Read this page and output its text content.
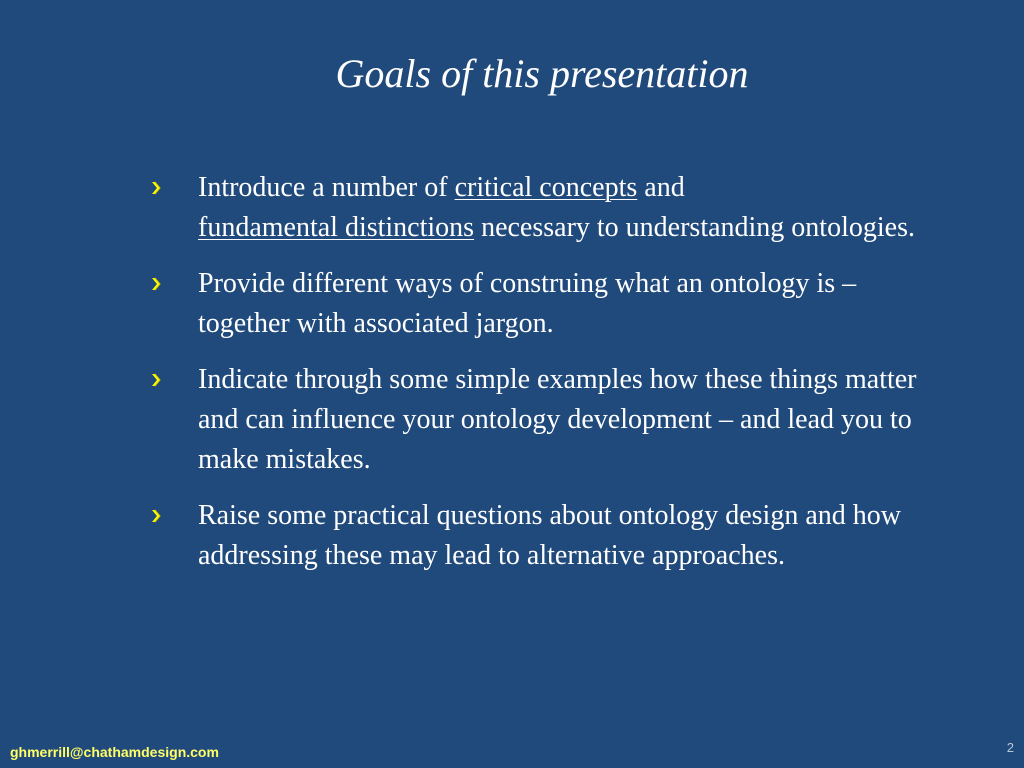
Goals of this presentation
Introduce a number of critical concepts and
fundamental distinctions necessary to understanding ontologies.
Provide different ways of construing what an ontology is – together with associated jargon.
Indicate through some simple examples how these things matter and can influence your ontology development – and lead you to make mistakes.
Raise some practical questions about ontology design and how addressing these may lead to alternative approaches.
ghmerrill@chathamdesign.com	2
